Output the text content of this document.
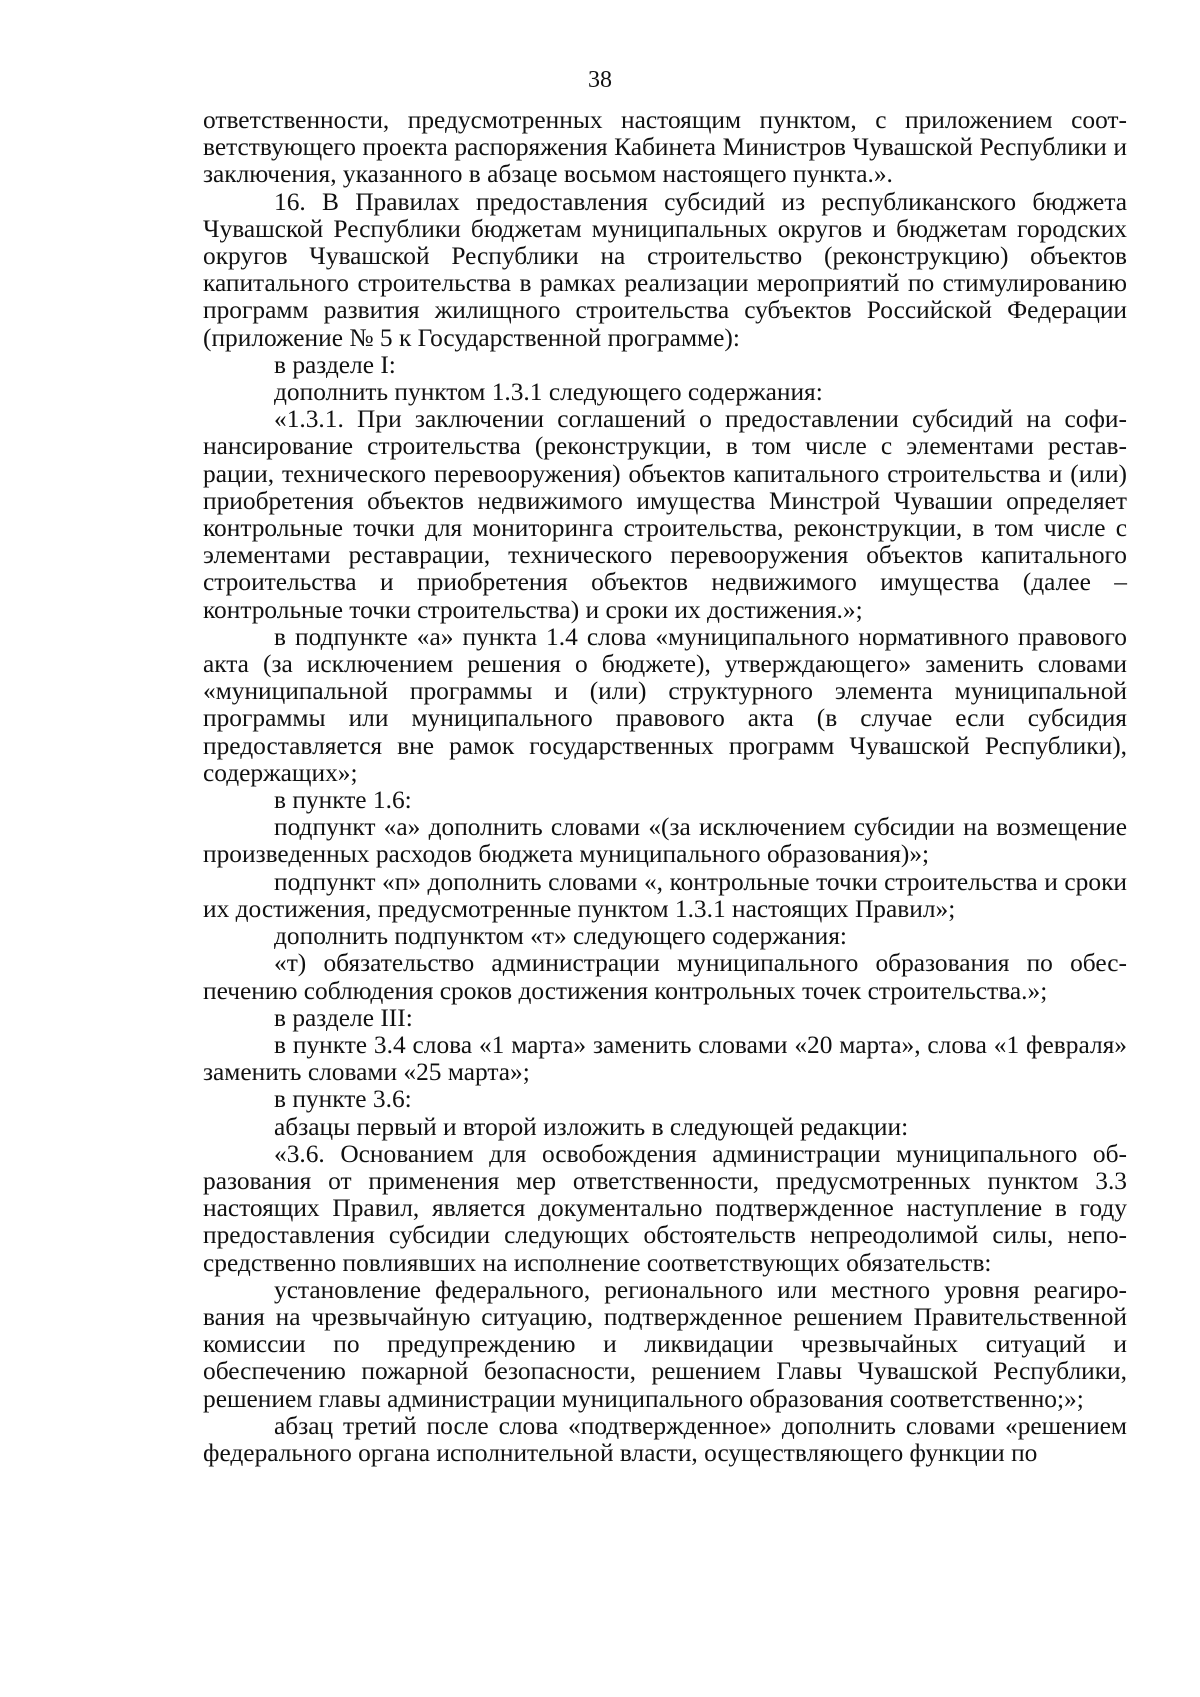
38

ответственности, предусмотренных настоящим пунктом, с приложением соответствующего проекта распоряжения Кабинета Министров Чувашской Республики и заключения, указанного в абзаце восьмом настоящего пункта.».

16. В Правилах предоставления субсидий из республиканского бюджета Чувашской Республики бюджетам муниципальных округов и бюджетам городских округов Чувашской Республики на строительство (реконструкцию) объектов капитального строительства в рамках реализации мероприятий по стимулированию программ развития жилищного строительства субъектов Российской Федерации (приложение № 5 к Государственной программе):

в разделе I:

дополнить пунктом 1.3.1 следующего содержания:

«1.3.1. При заключении соглашений о предоставлении субсидий на софинансирование строительства (реконструкции, в том числе с элементами реставрации, технического перевооружения) объектов капитального строительства и (или) приобретения объектов недвижимого имущества Минстрой Чувашии определяет контрольные точки для мониторинга строительства, реконструкции, в том числе с элементами реставрации, технического перевооружения объектов капитального строительства и приобретения объектов недвижимого имущества (далее – контрольные точки строительства) и сроки их достижения.»;

в подпункте «а» пункта 1.4 слова «муниципального нормативного правового акта (за исключением решения о бюджете), утверждающего» заменить словами «муниципальной программы и (или) структурного элемента муниципальной программы или муниципального правового акта (в случае если субсидия предоставляется вне рамок государственных программ Чувашской Республики), содержащих»;

в пункте 1.6:

подпункт «а» дополнить словами «(за исключением субсидии на возмещение произведенных расходов бюджета муниципального образования)»;

подпункт «п» дополнить словами «, контрольные точки строительства и сроки их достижения, предусмотренные пунктом 1.3.1 настоящих Правил»;

дополнить подпунктом «т» следующего содержания:

«т) обязательство администрации муниципального образования по обеспечению соблюдения сроков достижения контрольных точек строительства.»;

в разделе III:

в пункте 3.4 слова «1 марта» заменить словами «20 марта», слова «1 февраля» заменить словами «25 марта»;

в пункте 3.6:

абзацы первый и второй изложить в следующей редакции:

«3.6. Основанием для освобождения администрации муниципального образования от применения мер ответственности, предусмотренных пунктом 3.3 настоящих Правил, является документально подтвержденное наступление в году предоставления субсидии следующих обстоятельств непреодолимой силы, непосредственно повлиявших на исполнение соответствующих обязательств:

установление федерального, регионального или местного уровня реагирования на чрезвычайную ситуацию, подтвержденное решением Правительственной комиссии по предупреждению и ликвидации чрезвычайных ситуаций и обеспечению пожарной безопасности, решением Главы Чувашской Республики, решением главы администрации муниципального образования соответственно;»;

абзац третий после слова «подтвержденное» дополнить словами «решением федерального органа исполнительной власти, осуществляющего функции по
